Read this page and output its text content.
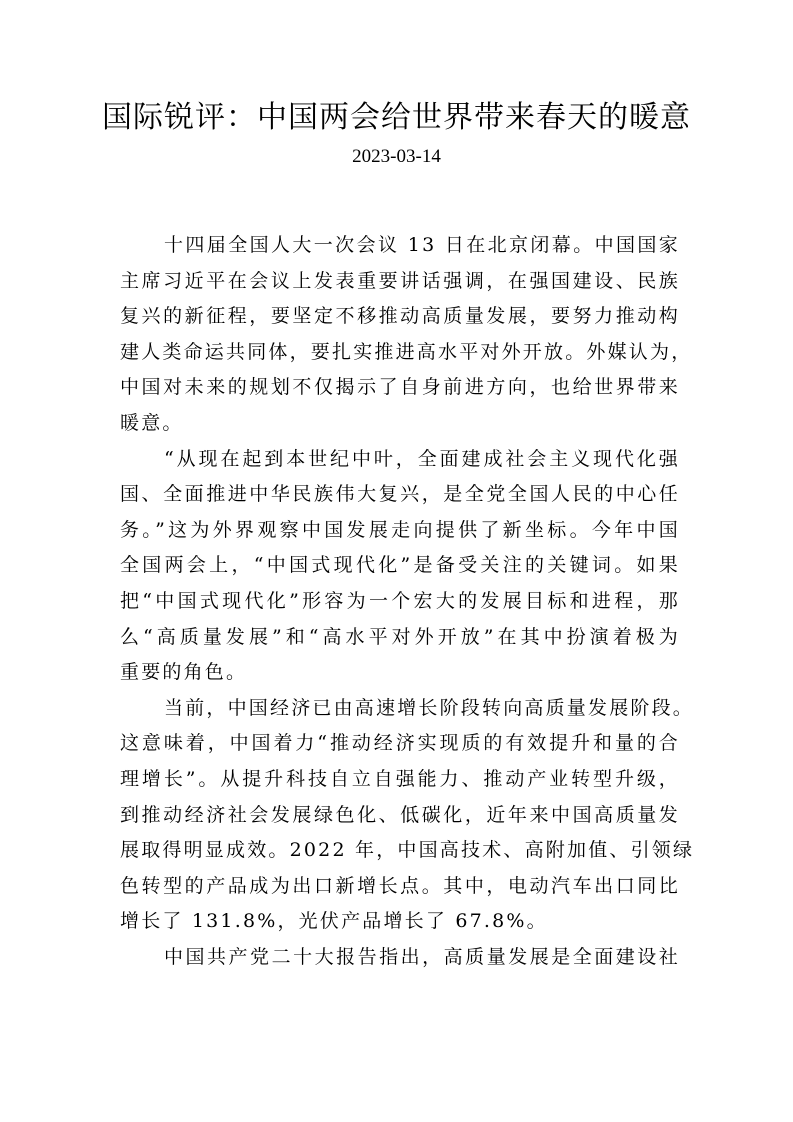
国际锐评：中国两会给世界带来春天的暖意
2023-03-14
十四届全国人大一次会议 13 日在北京闭幕。中国国家
主席习近平在会议上发表重要讲话强调，在强国建设、民族
复兴的新征程，要坚定不移推动高质量发展，要努力推动构
建人类命运共同体，要扎实推进高水平对外开放。外媒认为，
中国对未来的规划不仅揭示了自身前进方向，也给世界带来
暖意。
“从现在起到本世纪中叶，全面建成社会主义现代化强
国、全面推进中华民族伟大复兴，是全党全国人民的中心任
务。”这为外界观察中国发展走向提供了新坐标。今年中国
全国两会上，“中国式现代化”是备受关注的关键词。如果
把“中国式现代化”形容为一个宏大的发展目标和进程，那
么“高质量发展”和“高水平对外开放”在其中扮演着极为
重要的角色。
当前，中国经济已由高速增长阶段转向高质量发展阶段。
这意味着，中国着力“推动经济实现质的有效提升和量的合
理增长”。从提升科技自立自强能力、推动产业转型升级，
到推动经济社会发展绿色化、低碳化，近年来中国高质量发
展取得明显成效。2022 年，中国高技术、高附加值、引领绿
色转型的产品成为出口新增长点。其中，电动汽车出口同比
增长了 131.8%，光伏产品增长了 67.8%。
中国共产党二十大报告指出，高质量发展是全面建设社
